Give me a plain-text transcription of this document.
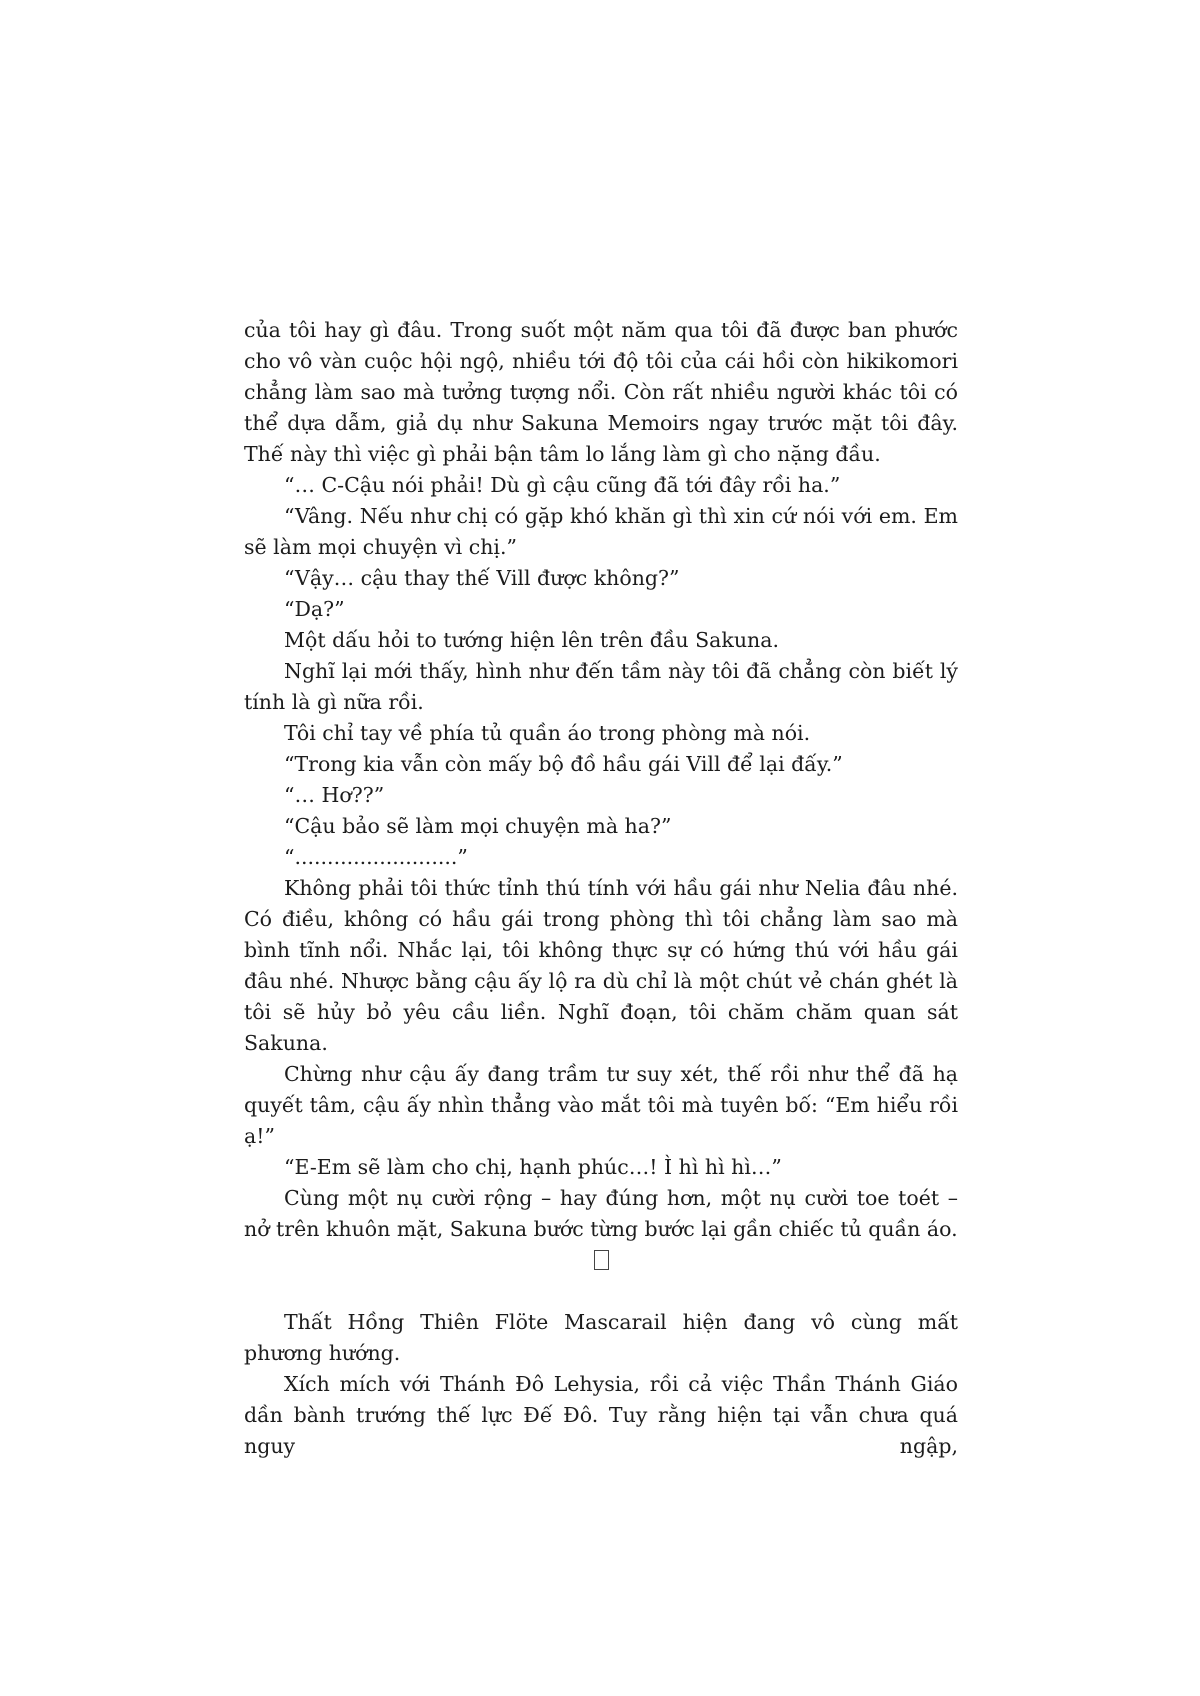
của tôi hay gì đâu. Trong suốt một năm qua tôi đã được ban phước cho vô vàn cuộc hội ngộ, nhiều tới độ tôi của cái hồi còn hikikomori chẳng làm sao mà tưởng tượng nổi. Còn rất nhiều người khác tôi có thể dựa dẫm, giả dụ như Sakuna Memoirs ngay trước mặt tôi đây. Thế này thì việc gì phải bận tâm lo lắng làm gì cho nặng đầu.

“… C-Cậu nói phải! Dù gì cậu cũng đã tới đây rồi ha.”

“Vâng. Nếu như chị có gặp khó khăn gì thì xin cứ nói với em. Em sẽ làm mọi chuyện vì chị.”

“Vậy… cậu thay thế Vill được không?”

“Dạ?”

Một dấu hỏi to tướng hiện lên trên đầu Sakuna.

Nghĩ lại mới thấy, hình như đến tầm này tôi đã chẳng còn biết lý tính là gì nữa rồi.

Tôi chỉ tay về phía tủ quần áo trong phòng mà nói.

“Trong kia vẫn còn mấy bộ đồ hầu gái Vill để lại đấy.”

“… Hơ??”

“Cậu bảo sẽ làm mọi chuyện mà ha?”

“.........................”

Không phải tôi thức tỉnh thú tính với hầu gái như Nelia đâu nhé. Có điều, không có hầu gái trong phòng thì tôi chẳng làm sao mà bình tĩnh nổi. Nhắc lại, tôi không thực sự có hứng thú với hầu gái đâu nhé. Nhược bằng cậu ấy lộ ra dù chỉ là một chút vẻ chán ghét là tôi sẽ hủy bỏ yêu cầu liền. Nghĩ đoạn, tôi chăm chăm quan sát Sakuna.

Chừng như cậu ấy đang trầm tư suy xét, thế rồi như thể đã hạ quyết tâm, cậu ấy nhìn thẳng vào mắt tôi mà tuyên bố: “Em hiểu rồi ạ!”

“E-Em sẽ làm cho chị, hạnh phúc…! Ì hì hì hì…”

Cùng một nụ cười rộng – hay đúng hơn, một nụ cười toe toét – nở trên khuôn mặt, Sakuna bước từng bước lại gần chiếc tủ quần áo.

Thất Hồng Thiên Flöte Mascarail hiện đang vô cùng mất phương hướng.

Xích mích với Thánh Đô Lehysia, rồi cả việc Thần Thánh Giáo dần bành trướng thế lực Đế Đô. Tuy rằng hiện tại vẫn chưa quá nguy ngập,
